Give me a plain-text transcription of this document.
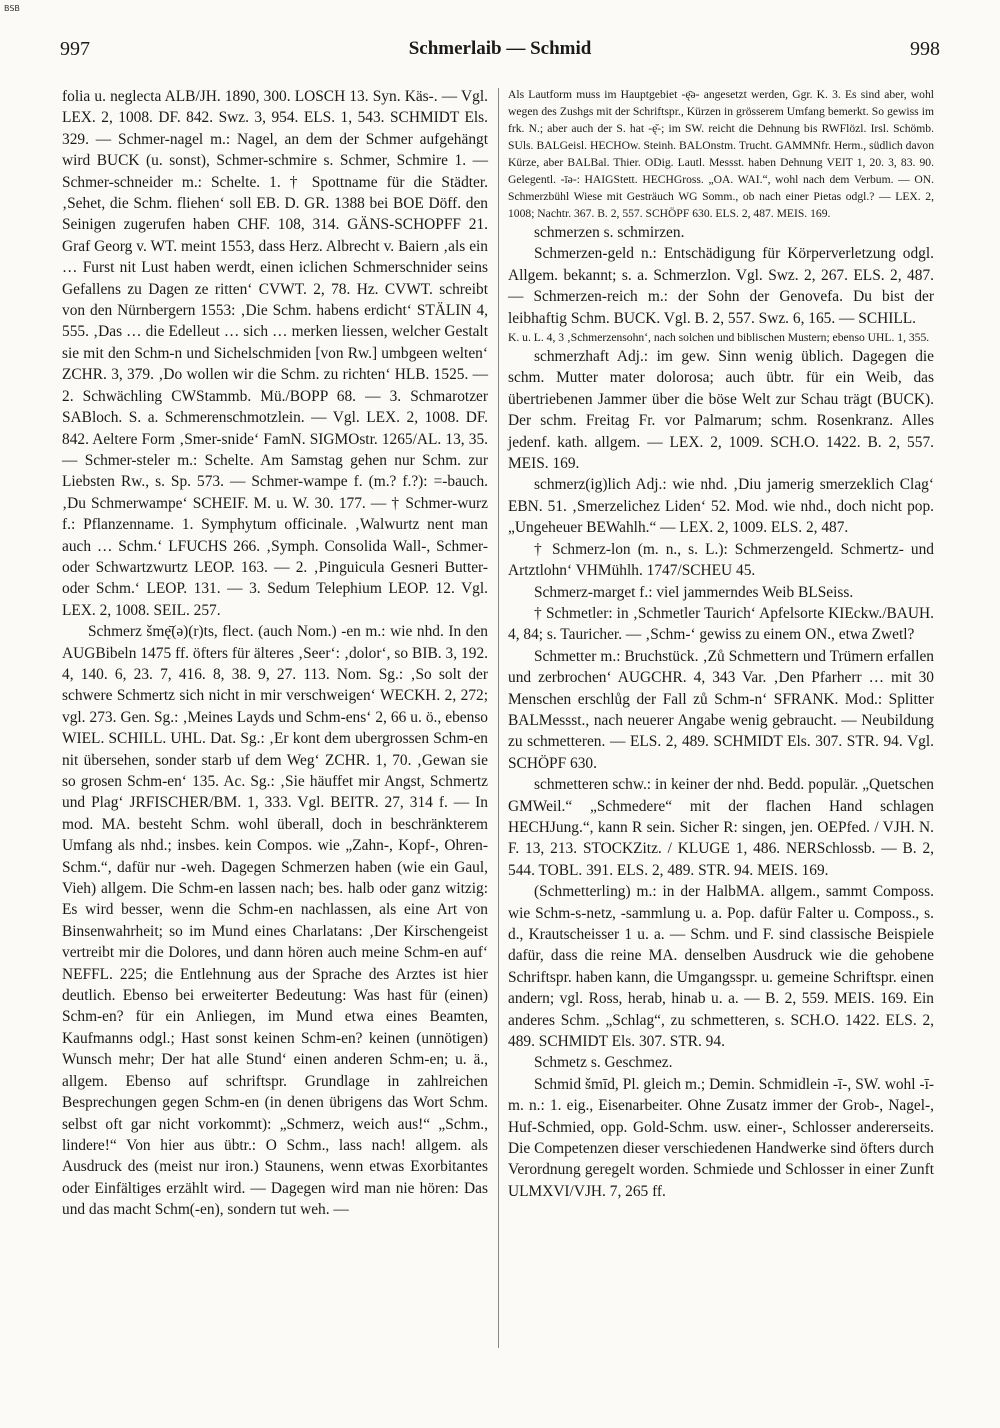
BSB
997	Schmerlaib — Schmid	998

folia u. neglecta ALB/JH. 1890, 300. LOSCH 13. Syn. Käs-. — Vgl. LEX. 2, 1008. DF. 842. Swz. 3, 954. ELS. 1, 543. SCHMIDT Els. 329. — Schmer-nagel m.: Nagel, an dem der Schmer aufgehängt wird BUCK (u. sonst), Schmer-schmire s. Schmer, Schmire 1. — Schmer-schneider m.: Schelte. 1. † Spottname für die Städter. ‚Sehet, die Schm. fliehen‘ soll EB. D. GR. 1388 bei BOE Döff. den Seinigen zugerufen haben CHF. 108, 314. GÄNS-SCHOPFF 21. Graf Georg v. WT. meint 1553, dass Herz. Albrecht v. Baiern ‚als ein … Furst nit Lust haben werdt, einen iclichen Schmerschnider seins Gefallens zu Dagen ze ritten‘ CVWT. 2, 78. Hz. CVWT. schreibt von den Nürnbergern 1553: ‚Die Schm. habens erdicht‘ STÄLIN 4, 555. ‚Das … die Edelleut … sich … merken liessen, welcher Gestalt sie mit den Schm-n und Sichelschmiden [von Rw.] umbgeen welten‘ ZCHR. 3, 379. ‚Do wollen wir die Schm. zu richten‘ HLB. 1525. — 2. Schwächling CWStammb. Mü./BOPP 68. — 3. Schmarotzer SABloch. S. a. Schmerenschmotzlein. — Vgl. LEX. 2, 1008. DF. 842. Aeltere Form ‚Smer-snide‘ FamN. SIGMOstr. 1265/AL. 13, 35. — Schmer-steler m.: Schelte. Am Samstag gehen nur Schm. zur Liebsten Rw., s. Sp. 573. — Schmer-wampe f. (m.? f.?): =-bauch. ‚Du Schmerwampe‘ SCHEIF. M. u. W. 30. 177. — † Schmer-wurz f.: Pflanzenname. 1. Symphytum officinale. ‚Walwurtz nent man auch … Schm.‘ LFUCHS 266. ‚Symph. Consolida Wall-, Schmer- oder Schwartzwurtz LEOP. 163. — 2. ‚Pinguicula Gesneri Butter- oder Schm.‘ LEOP. 131. — 3. Sedum Telephium LEOP. 12. Vgl. LEX. 2, 1008. SEIL. 257.

Schmerz šmę̄(ə)(r)ts, flect. (auch Nom.) -en m.: wie nhd. In den AUGBibeln 1475 ff. öfters für älteres ‚Seer‘: ‚dolor‘, so BIB. 3, 192. 4, 140. 6, 23. 7, 416. 8, 38. 9, 27. 113. Nom. Sg.: ‚So solt der schwere Schmertz sich nicht in mir verschweigen‘ WECKH. 2, 272; vgl. 273. Gen. Sg.: ‚Meines Layds und Schm-ens‘ 2, 66 u. ö., ebenso WIEL. SCHILL. UHL. Dat. Sg.: ‚Er kont dem ubergrossen Schm-en nit übersehen, sonder starb uf dem Weg‘ ZCHR. 1, 70. ‚Gewan sie so grosen Schm-en‘ 135. Ac. Sg.: ‚Sie häuffet mir Angst, Schmertz und Plag‘ JRFISCHER/BM. 1, 333. Vgl. BEITR. 27, 314 f. — In mod. MA. besteht Schm. wohl überall, doch in beschränkterem Umfang als nhd.; insbes. kein Compos. wie „Zahn-, Kopf-, Ohren-Schm.“, dafür nur -weh. Dagegen Schmerzen haben (wie ein Gaul, Vieh) allgem. Die Schm-en lassen nach; bes. halb oder ganz witzig: Es wird besser, wenn die Schm-en nachlassen, als eine Art von Binsenwahrheit; so im Mund eines Charlatans: ‚Der Kirschengeist vertreibt mir die Dolores, und dann hören auch meine Schm-en auf‘ NEFFL. 225; die Entlehnung aus der Sprache des Arztes ist hier deutlich. Ebenso bei erweiterter Bedeutung: Was hast für (einen) Schm-en? für ein Anliegen, im Mund etwa eines Beamten, Kaufmanns odgl.; Hast sonst keinen Schm-en? keinen (unnötigen) Wunsch mehr; Der hat alle Stund‘ einen anderen Schm-en; u. ä., allgem. Ebenso auf schriftspr. Grundlage in zahlreichen Besprechungen gegen Schm-en (in denen übrigens das Wort Schm. selbst oft gar nicht vorkommt): „Schmerz, weich aus!“ „Schm., lindere!“ Von hier aus übtr.: O Schm., lass nach! allgem. als Ausdruck des (meist nur iron.) Staunens, wenn etwas Exorbitantes oder Einfältiges erzählt wird. — Dagegen wird man nie hören: Das und das macht Schm(-en), sondern tut weh. —

Als Lautform muss im Hauptgebiet -ę̄ə- angesetzt werden, Ggr. K. 3. Es sind aber, wohl wegen des Zushgs mit der Schriftspr., Kürzen in grösserem Umfang bemerkt. So gewiss im frk. N.; aber auch der S. hat -ę̆-; im SW. reicht die Dehnung bis RWFlözl. Irsl. Schömb. SUls. BALGeisl. HECHOw. Steinh. BALOnstm. Trucht. GAMMNfr. Herm., südlich davon Kürze, aber BALBal. Thier. ODig. Lautl. Messst. haben Dehnung VEIT 1, 20. 3, 83. 90. Gelegentl. -īə-: HAIGStett. HECHGross. „OA. WAI.“, wohl nach dem Verbum. — ON. Schmerzbühl Wiese mit Gesträuch WG Somm., ob nach einer Pietas odgl.? — LEX. 2, 1008; Nachtr. 367. B. 2, 557. SCHÖPF 630. ELS. 2, 487. MEIS. 169.

schmerzen s. schmirzen.

Schmerzen-geld n.: Entschädigung für Körperverletzung odgl. Allgem. bekannt; s. a. Schmerzlon. Vgl. Swz. 2, 267. ELS. 2, 487. — Schmerzen-reich m.: der Sohn der Genovefa. Du bist der leibhaftig Schm. BUCK. Vgl. B. 2, 557. Swz. 6, 165. — SCHILL.

K. u. L. 4, 3 ‚Schmerzensohn‘, nach solchen und biblischen Mustern; ebenso UHL. 1, 355.

schmerzhaft Adj.: im gew. Sinn wenig üblich. Dagegen die schm. Mutter mater dolorosa; auch übtr. für ein Weib, das übertriebenen Jammer über die böse Welt zur Schau trägt (BUCK). Der schm. Freitag Fr. vor Palmarum; schm. Rosenkranz. Alles jedenf. kath. allgem. — LEX. 2, 1009. SCH.O. 1422. B. 2, 557. MEIS. 169.

schmerz(ig)lich Adj.: wie nhd. ‚Diu jamerig smerzeklich Clag‘ EBN. 51. ‚Smerzelichez Liden‘ 52. Mod. wie nhd., doch nicht pop. „Ungeheuer BEWahlh.“ — LEX. 2, 1009. ELS. 2, 487.

† Schmerz-lon (m. n., s. L.): Schmerzengeld. Schmertz- und Artztlohn‘ VHMühlh. 1747/SCHEU 45.

Schmerz-marget f.: viel jammerndes Weib BLSeiss.

† Schmetler: in ‚Schmetler Taurich‘ Apfelsorte KIEckw./BAUH. 4, 84; s. Tauricher. — ‚Schm-‘ gewiss zu einem ON., etwa Zwetl?

Schmetter m.: Bruchstück. ‚Zů Schmettern und Trümern erfallen und zerbrochen‘ AUGCHR. 4, 343 Var. ‚Den Pfarherr … mit 30 Menschen erschlůg der Fall zů Schm-n‘ SFRANK. Mod.: Splitter BALMessst., nach neuerer Angabe wenig gebraucht. — Neubildung zu schmetteren. — ELS. 2, 489. SCHMIDT Els. 307. STR. 94. Vgl. SCHÖPF 630.

schmettere⁠n schw.: in keiner der nhd. Bedd. populär. „Quetschen GMWeil.“ „Schmedere“ mit der flachen Hand schlagen HECHJung.“, kann R sein. Sicher R: singen, jen. OEPfed. / VJH. N. F. 13, 213. STOCKZitz. / KLUGE 1, 486. NERSchlossb. — B. 2, 544. TOBL. 391. ELS. 2, 489. STR. 94. MEIS. 169.

(Schmetterling) m.: in der HalbMA. allgem., sammt Composs. wie Schm-s-netz, -sammlung u. a. Pop. dafür Falter u. Composs., s. d., Krautscheisser 1 u. a. — Schm. und F. sind classische Beispiele dafür, dass die reine MA. denselben Ausdruck wie die gehobene Schriftspr. haben kann, die Umgangsspr. u. gemeine Schriftspr. einen andern; vgl. Ross, herab, hinab u. a. — B. 2, 559. MEIS. 169. Ein anderes Schm. „Schlag“, zu schmetteren, s. SCH.O. 1422. ELS. 2, 489. SCHMIDT Els. 307. STR. 94.

Schmetz s. Geschmez.

Schmid šmīd, Pl. gleich m.; Demin. Schmidlein -ī-, SW. wohl -ī- m. n.: 1. eig., Eisenarbeiter. Ohne Zusatz immer der Grob-, Nagel-, Huf-Schmied, opp. Gold-Schm. usw. einer-, Schlosser andererseits. Die Competenzen dieser verschiedenen Handwerke sind öfters durch Verordnung geregelt worden. Schmiede und Schlosser in einer Zunft ULMXVI/VJH. 7, 265 ff.
